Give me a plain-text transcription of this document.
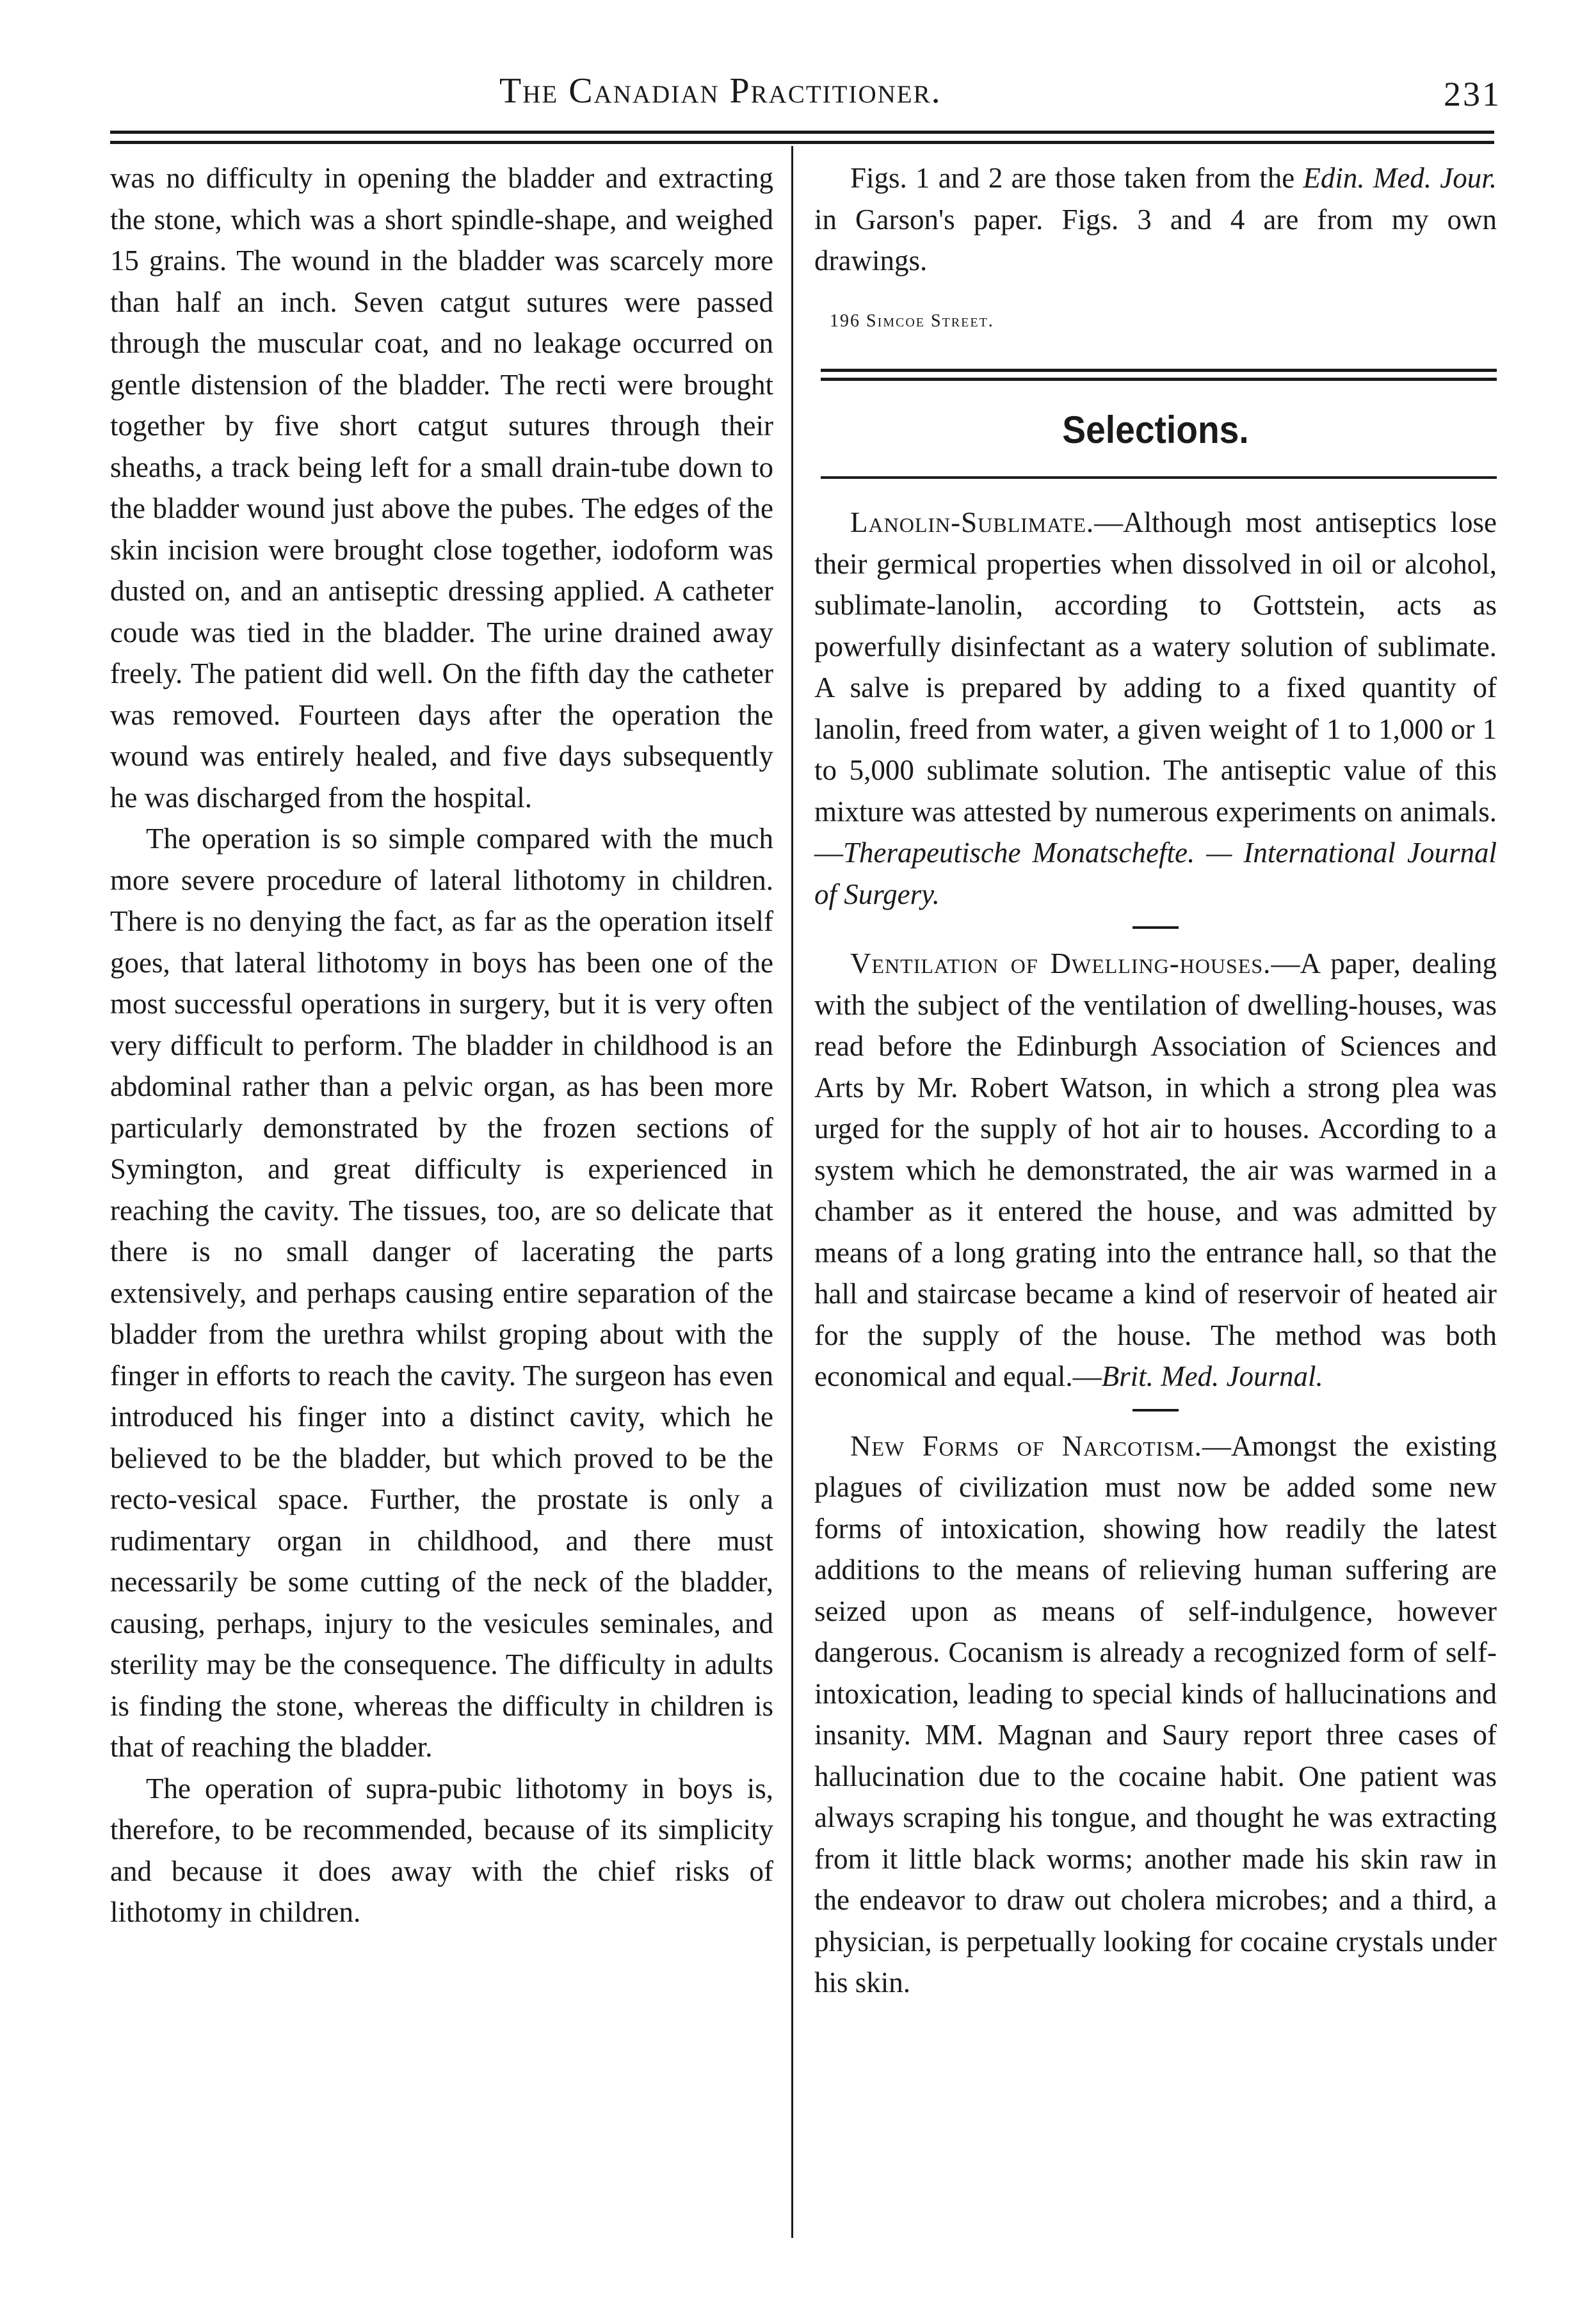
The Canadian Practitioner.	231

was no difficulty in opening the bladder and extracting the stone, which was a short spindle-shape, and weighed 15 grains. The wound in the bladder was scarcely more than half an inch. Seven catgut sutures were passed through the muscular coat, and no leakage occurred on gentle distension of the bladder. The recti were brought together by five short catgut sutures through their sheaths, a track being left for a small drain-tube down to the bladder wound just above the pubes. The edges of the skin incision were brought close together, iodoform was dusted on, and an antiseptic dressing applied. A catheter coude was tied in the bladder. The urine drained away freely. The patient did well. On the fifth day the catheter was removed. Fourteen days after the operation the wound was entirely healed, and five days subsequently he was discharged from the hospital.

The operation is so simple compared with the much more severe procedure of lateral lithotomy in children. There is no denying the fact, as far as the operation itself goes, that lateral lithotomy in boys has been one of the most successful operations in surgery, but it is very often very difficult to perform. The bladder in childhood is an abdominal rather than a pelvic organ, as has been more particularly demonstrated by the frozen sections of Symington, and great difficulty is experienced in reaching the cavity. The tissues, too, are so delicate that there is no small danger of lacerating the parts extensively, and perhaps causing entire separation of the bladder from the urethra whilst groping about with the finger in efforts to reach the cavity. The surgeon has even introduced his finger into a distinct cavity, which he believed to be the bladder, but which proved to be the recto-vesical space. Further, the prostate is only a rudimentary organ in childhood, and there must necessarily be some cutting of the neck of the bladder, causing, perhaps, injury to the vesicules seminales, and sterility may be the consequence. The difficulty in adults is finding the stone, whereas the difficulty in children is that of reaching the bladder.

The operation of supra-pubic lithotomy in boys is, therefore, to be recommended, because of its simplicity and because it does away with the chief risks of lithotomy in children.

Figs. 1 and 2 are those taken from the Edin. Med. Jour. in Garson's paper. Figs. 3 and 4 are from my own drawings.

196 Simcoe Street.

Selections.

Lanolin-Sublimate.—Although most antiseptics lose their germical properties when dissolved in oil or alcohol, sublimate-lanolin, according to Gottstein, acts as powerfully disinfectant as a watery solution of sublimate. A salve is prepared by adding to a fixed quantity of lanolin, freed from water, a given weight of 1 to 1,000 or 1 to 5,000 sublimate solution. The antiseptic value of this mixture was attested by numerous experiments on animals.—Therapeutische Monatschefte. — International Journal of Surgery.

Ventilation of Dwelling-houses.—A paper, dealing with the subject of the ventilation of dwelling-houses, was read before the Edinburgh Association of Sciences and Arts by Mr. Robert Watson, in which a strong plea was urged for the supply of hot air to houses. According to a system which he demonstrated, the air was warmed in a chamber as it entered the house, and was admitted by means of a long grating into the entrance hall, so that the hall and staircase became a kind of reservoir of heated air for the supply of the house. The method was both economical and equal.—Brit. Med. Journal.

New Forms of Narcotism.—Amongst the existing plagues of civilization must now be added some new forms of intoxication, showing how readily the latest additions to the means of relieving human suffering are seized upon as means of self-indulgence, however dangerous. Cocanism is already a recognized form of self-intoxication, leading to special kinds of hallucinations and insanity. MM. Magnan and Saury report three cases of hallucination due to the cocaine habit. One patient was always scraping his tongue, and thought he was extracting from it little black worms; another made his skin raw in the endeavor to draw out cholera microbes; and a third, a physician, is perpetually looking for cocaine crystals under his skin.
